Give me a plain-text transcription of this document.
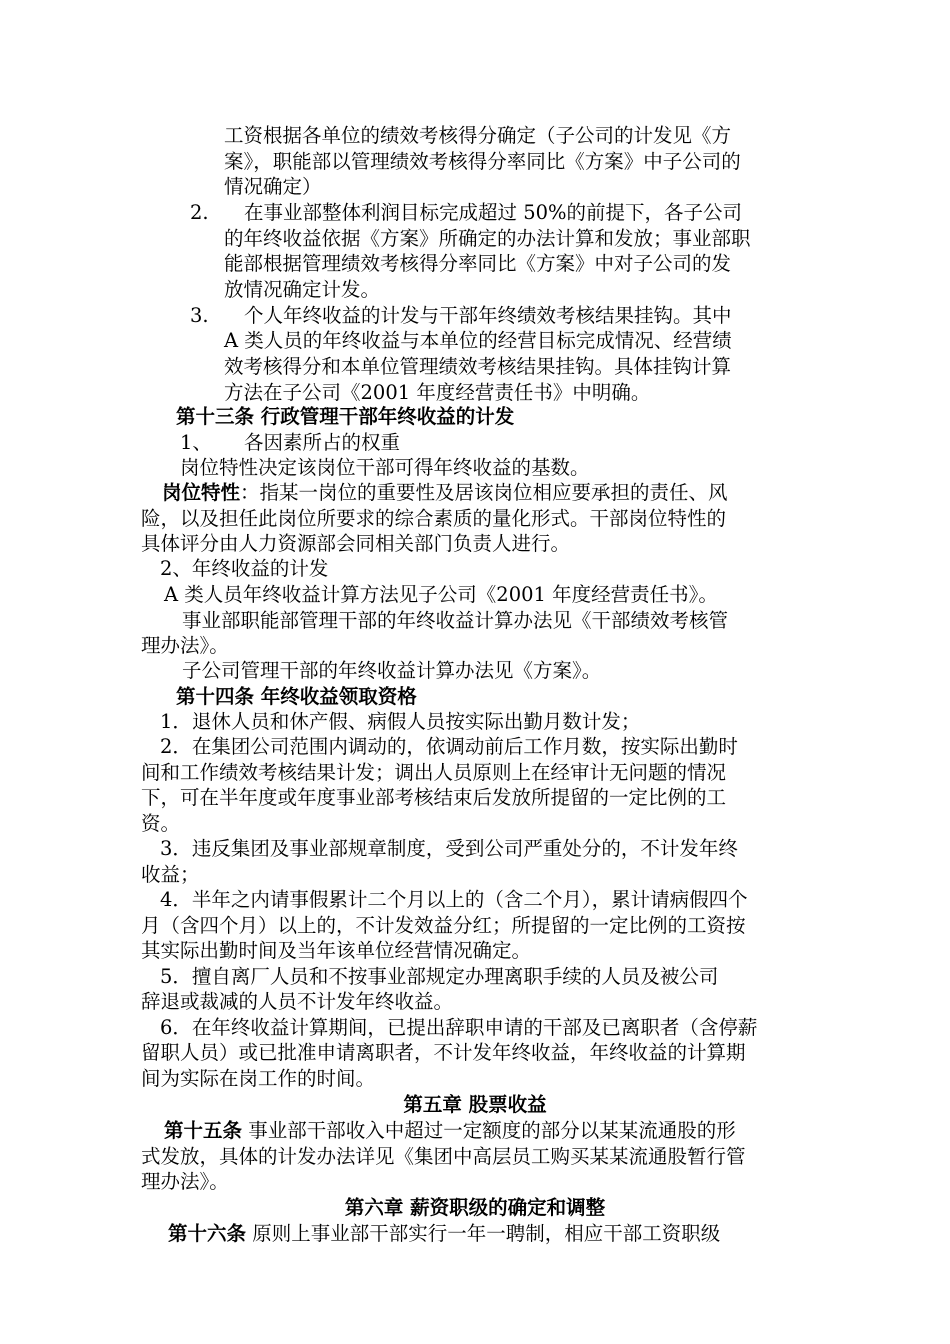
工资根据各单位的绩效考核得分确定（子公司的计发见《方
案》，职能部以管理绩效考核得分率同比《方案》中子公司的
情况确定）
2. 在事业部整体利润目标完成超过 50%的前提下，各子公司
的年终收益依据《方案》所确定的办法计算和发放；事业部职
能部根据管理绩效考核得分率同比《方案》中对子公司的发
放情况确定计发。
3. 个人年终收益的计发与干部年终绩效考核结果挂钩。其中
A 类人员的年终收益与本单位的经营目标完成情况、经营绩
效考核得分和本单位管理绩效考核结果挂钩。具体挂钩计算
方法在子公司《2001 年度经营责任书》中明确。
第十三条 行政管理干部年终收益的计发
1、 各因素所占的权重
岗位特性决定该岗位干部可得年终收益的基数。
岗位特性：指某一岗位的重要性及居该岗位相应要承担的责任、风
险，以及担任此岗位所要求的综合素质的量化形式。干部岗位特性的
具体评分由人力资源部会同相关部门负责人进行。
2、年终收益的计发
A 类人员年终收益计算方法见子公司《2001 年度经营责任书》。
事业部职能部管理干部的年终收益计算办法见《干部绩效考核管
理办法》。
子公司管理干部的年终收益计算办法见《方案》。
第十四条 年终收益领取资格
1．退休人员和休产假、病假人员按实际出勤月数计发；
2．在集团公司范围内调动的，依调动前后工作月数，按实际出勤时
间和工作绩效考核结果计发；调出人员原则上在经审计无问题的情况
下，可在半年度或年度事业部考核结束后发放所提留的一定比例的工
资。
3．违反集团及事业部规章制度，受到公司严重处分的，不计发年终
收益；
4．半年之内请事假累计二个月以上的（含二个月），累计请病假四个
月（含四个月）以上的，不计发效益分红；所提留的一定比例的工资按
其实际出勤时间及当年该单位经营情况确定。
5．擅自离厂人员和不按事业部规定办理离职手续的人员及被公司
辞退或裁减的人员不计发年终收益。
6．在年终收益计算期间，已提出辞职申请的干部及已离职者（含停薪
留职人员）或已批准申请离职者，不计发年终收益，年终收益的计算期
间为实际在岗工作的时间。
第五章 股票收益
第十五条 事业部干部收入中超过一定额度的部分以某某流通股的形
式发放，具体的计发办法详见《集团中高层员工购买某某流通股暂行管
理办法》。
第六章 薪资职级的确定和调整
第十六条 原则上事业部干部实行一年一聘制，相应干部工资职级
